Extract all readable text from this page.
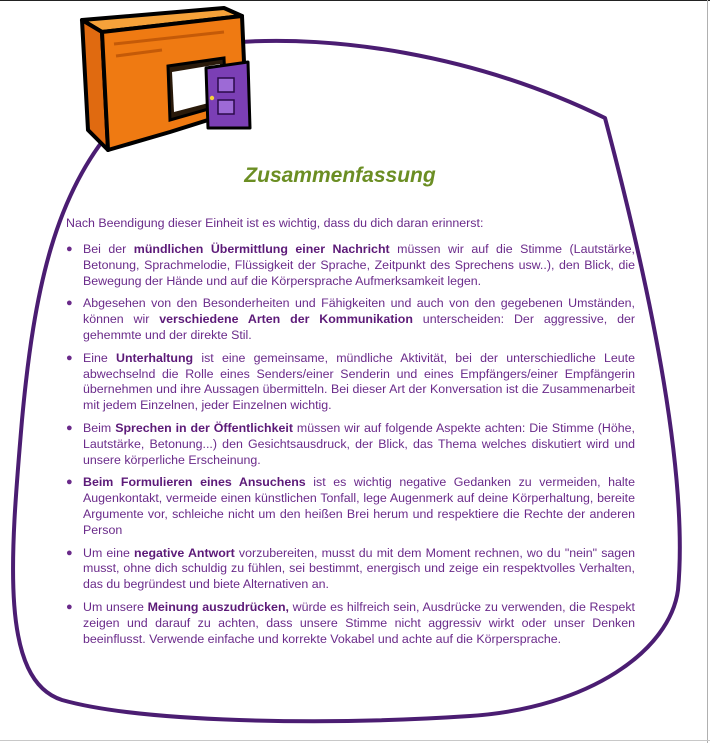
Zusammenfassung
Nach Beendigung dieser Einheit ist es wichtig, dass du dich daran erinnerst:
● Bei der mündlichen Übermittlung einer Nachricht müssen wir auf die Stimme (Lautstärke, Betonung, Sprachmelodie, Flüssigkeit der Sprache, Zeitpunkt des Sprechens usw..), den Blick, die Bewegung der Hände und auf die Körpersprache Aufmerksamkeit legen.
● Abgesehen von den Besonderheiten und Fähigkeiten und auch von den gegebenen Umständen, können wir verschiedene Arten der Kommunikation unterscheiden: Der aggressive, der gehemmte und der direkte Stil.
● Eine Unterhaltung ist eine gemeinsame, mündliche Aktivität, bei der unterschiedliche Leute abwechselnd die Rolle eines Senders/einer Senderin und eines Empfängers/einer Empfängerin übernehmen und ihre Aussagen übermitteln. Bei dieser Art der Konversation ist die Zusammenarbeit mit jedem Einzelnen, jeder Einzelnen wichtig.
● Beim Sprechen in der Öffentlichkeit müssen wir auf folgende Aspekte achten: Die Stimme (Höhe, Lautstärke, Betonung...) den Gesichtsausdruck, der Blick, das Thema welches diskutiert wird und unsere körperliche Erscheinung.
● Beim Formulieren eines Ansuchens ist es wichtig negative Gedanken zu vermeiden, halte Augenkontakt, vermeide einen künstlichen Tonfall, lege Augenmerk auf deine Körperhaltung, bereite Argumente vor, schleiche nicht um den heißen Brei herum und respektiere die Rechte der anderen Person
● Um eine negative Antwort vorzubereiten, musst du mit dem Moment rechnen, wo du "nein" sagen musst, ohne dich schuldig zu fühlen, sei bestimmt, energisch und zeige ein respektvolles Verhalten, das du begründest und biete Alternativen an.
● Um unsere Meinung auszudrücken, würde es hilfreich sein, Ausdrücke zu verwenden, die Respekt zeigen und darauf zu achten, dass unsere Stimme nicht aggressiv wirkt oder unser Denken beeinflusst. Verwende einfache und korrekte Vokabel und achte auf die Körpersprache.
